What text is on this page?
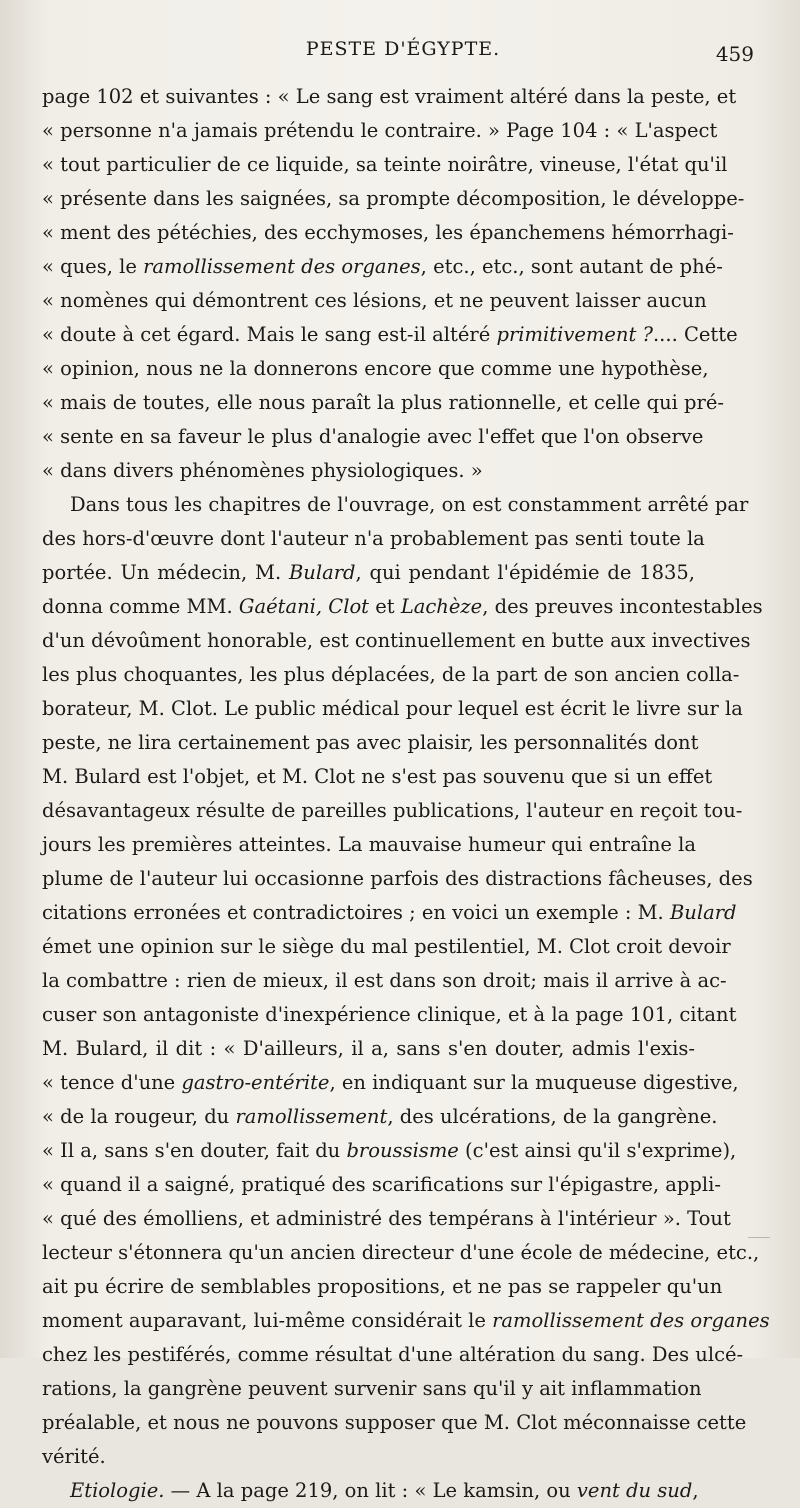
PESTE D'ÉGYPTE.	459
page 102 et suivantes : « Le sang est vraiment altéré dans la peste, et
« personne n'a jamais prétendu le contraire. » Page 104 : « L'aspect
« tout particulier de ce liquide, sa teinte noirâtre, vineuse, l'état qu'il
« présente dans les saignées, sa prompte décomposition, le développe-
« ment des pétéchies, des ecchymoses, les épanchemens hémorrhagi-
« ques, le ramollissement des organes, etc., etc., sont autant de phé-
« nomènes qui démontrent ces lésions, et ne peuvent laisser aucun
« doute à cet égard. Mais le sang est-il altéré primitivement ?.... Cette
« opinion, nous ne la donnerons encore que comme une hypothèse,
« mais de toutes, elle nous paraît la plus rationnelle, et celle qui pré-
« sente en sa faveur le plus d'analogie avec l'effet que l'on observe
« dans divers phénomènes physiologiques. »
Dans tous les chapitres de l'ouvrage, on est constamment arrêté par
des hors-d'œuvre dont l'auteur n'a probablement pas senti toute la
portée. Un médecin, M. Bulard, qui pendant l'épidémie de 1835,
donna comme MM. Gaétani, Clot et Lachèze, des preuves incontestables
d'un dévoûment honorable, est continuellement en butte aux invectives
les plus choquantes, les plus déplacées, de la part de son ancien colla-
borateur, M. Clot. Le public médical pour lequel est écrit le livre sur la
peste, ne lira certainement pas avec plaisir, les personnalités dont
M. Bulard est l'objet, et M. Clot ne s'est pas souvenu que si un effet
désavantageux résulte de pareilles publications, l'auteur en reçoit tou-
jours les premières atteintes. La mauvaise humeur qui entraîne la
plume de l'auteur lui occasionne parfois des distractions fâcheuses, des
citations erronées et contradictoires ; en voici un exemple : M. Bulard
émet une opinion sur le siège du mal pestilentiel, M. Clot croit devoir
la combattre : rien de mieux, il est dans son droit; mais il arrive à ac-
cuser son antagoniste d'inexpérience clinique, et à la page 101, citant
M. Bulard, il dit : « D'ailleurs, il a, sans s'en douter, admis l'exis-
« tence d'une gastro-entérite, en indiquant sur la muqueuse digestive,
« de la rougeur, du ramollissement, des ulcérations, de la gangrène.
« Il a, sans s'en douter, fait du broussisme (c'est ainsi qu'il s'exprime),
« quand il a saigné, pratiqué des scarifications sur l'épigastre, appli-
« qué des émolliens, et administré des tempérans à l'intérieur ». Tout
lecteur s'étonnera qu'un ancien directeur d'une école de médecine, etc.,
ait pu écrire de semblables propositions, et ne pas se rappeler qu'un
moment auparavant, lui-même considérait le ramollissement des organes
chez les pestiférés, comme résultat d'une altération du sang. Des ulcé-
rations, la gangrène peuvent survenir sans qu'il y ait inflammation
préalable, et nous ne pouvons supposer que M. Clot méconnaisse cette
vérité.
Etiologie. — A la page 219, on lit : « Le kamsin, ou vent du sud,
